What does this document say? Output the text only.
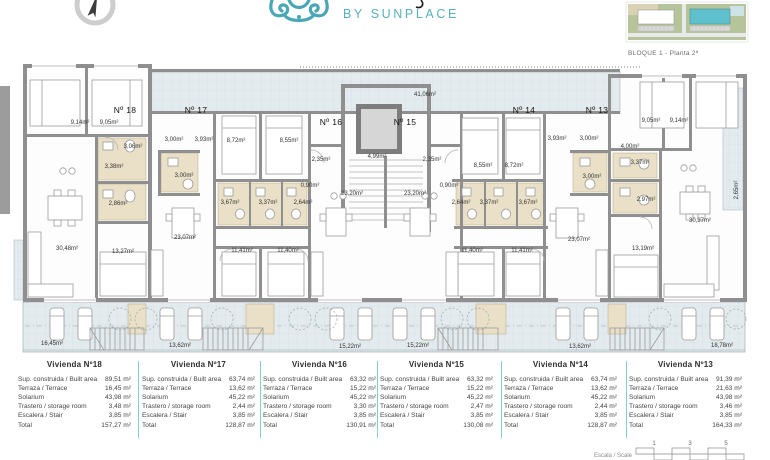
41,06m²
Nº 18	Nº 17
Nº 16	Nº 15
Nº 14	Nº 13
9,14m² 9,05m²
3,06m²
3,38m²
2,86m²
30,48m²	13,27m²
3,00m² 3,93m² 8,72m²	8,55m²
3,00m²
23,07m²
3,67m²	3,37m²	2,64m²
0,90m²
11,41m²	11,40m²
2,35m²	4,99m²	2,35m²
23,20m²	23,20m²
0,90m²
2,64m² 3,37m²	3,67m²
11,40m²	11,41m²
8,55m² 8,72m²
3,93m² 3,00m²
3,00m²
23,07m²
9,05m² 9,14m²
4,00m²
3,37m²
2,97m²
13,19m²
30,37m²
2,65m²
16,45m²	13,62m²	15,22m²	15,22m²	13,62m²	18,78m²
Escala / Scale
1	3	5
BY SUNPLACE
BLOQUE 1 - Planta 2ª
Vivienda Nº18
Sup. construida / Built area 89,51 m²
Terraza / Terrace	16,45 m²
Solarium	43,98 m²
Trastero / storage room	3,48 m²
Escalera / Stair	3,85 m²
Total	157,27 m²
Vivienda Nº17
Sup. construida / Built area 63,74 m²
Terraza / Terrace	13,62 m²
Solarium	45,22 m²
Trastero / storage room	2,44 m²
Escalera / Stair	3,85 m²
Total	128,87 m²
Vivienda Nº16
Sup. construida / Built area 63,32 m²
Terraza / Terrace	15,22 m²
Solarium	45,22 m²
Trastero / storage room	3,30 m²
Escalera / Stair	3,85 m²
Total	130,91 m²
Vivienda Nº15
Sup. construida / Built area 63,32 m²
Terraza / Terrace	15,22 m²
Solarium	45,22 m²
Trastero / storage room	2,47 m²
Escalera / Stair	3,85 m²
Total	130,08 m²
Vivienda Nº14
Sup. construida / Built area 63,74 m²
Terraza / Terrace	13,62 m²
Solarium	45,22 m²
Trastero / storage room	2,44 m²
Escalera / Stair	3,85 m²
Total	128,87 m²
Vivienda Nº13
Sup. construida / Built area 91,39 m²
Terraza / Terrace	21,63 m²
Solarium	43,98 m²
Trastero / storage room	3,46 m²
Escalera / Stair	3,85 m²
Total	164,33 m²
